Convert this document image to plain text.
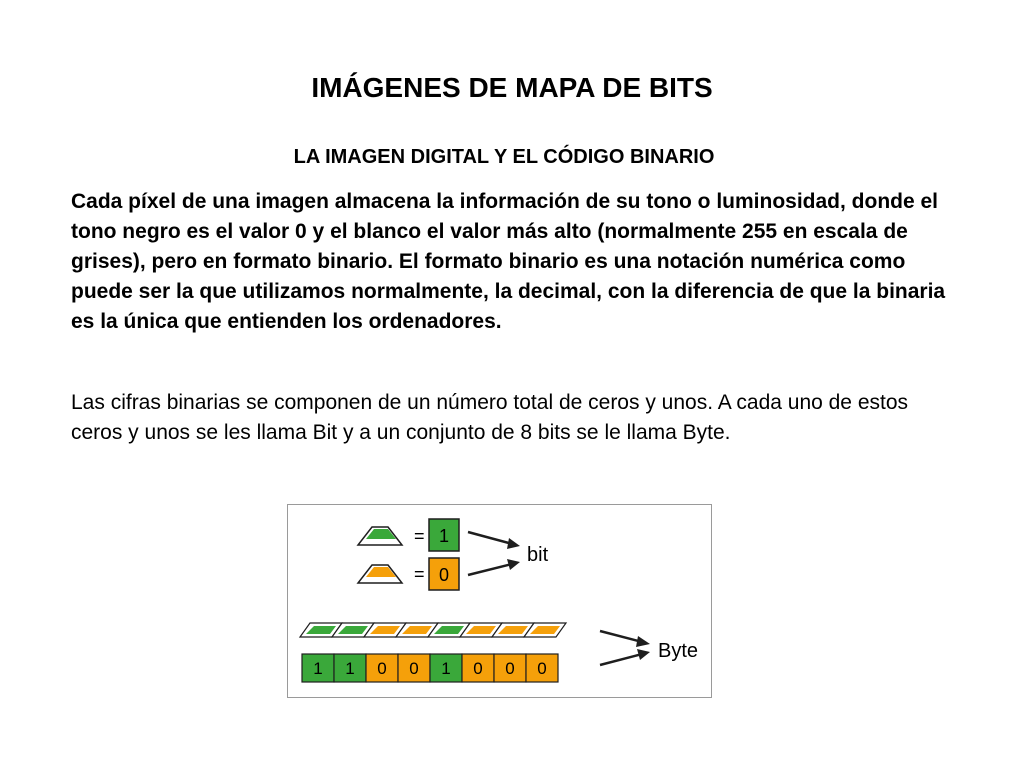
IMÁGENES DE MAPA DE BITS
LA IMAGEN DIGITAL Y EL CÓDIGO BINARIO

Cada píxel de una imagen almacena la información de su tono o luminosidad, donde el tono negro es el valor 0 y el blanco el valor más alto (normalmente 255 en escala de grises), pero en formato binario. El formato binario es una notación numérica como puede ser la que utilizamos normalmente, la decimal, con la diferencia de que la binaria es la única que entienden los ordenadores.

Las cifras binarias se componen de un número total de ceros y unos. A cada uno de estos ceros y unos se les llama Bit y a un conjunto de 8 bits se le llama Byte.

= 1
= 0
bit
1 1 0 0 1 0 0 0
Byte
